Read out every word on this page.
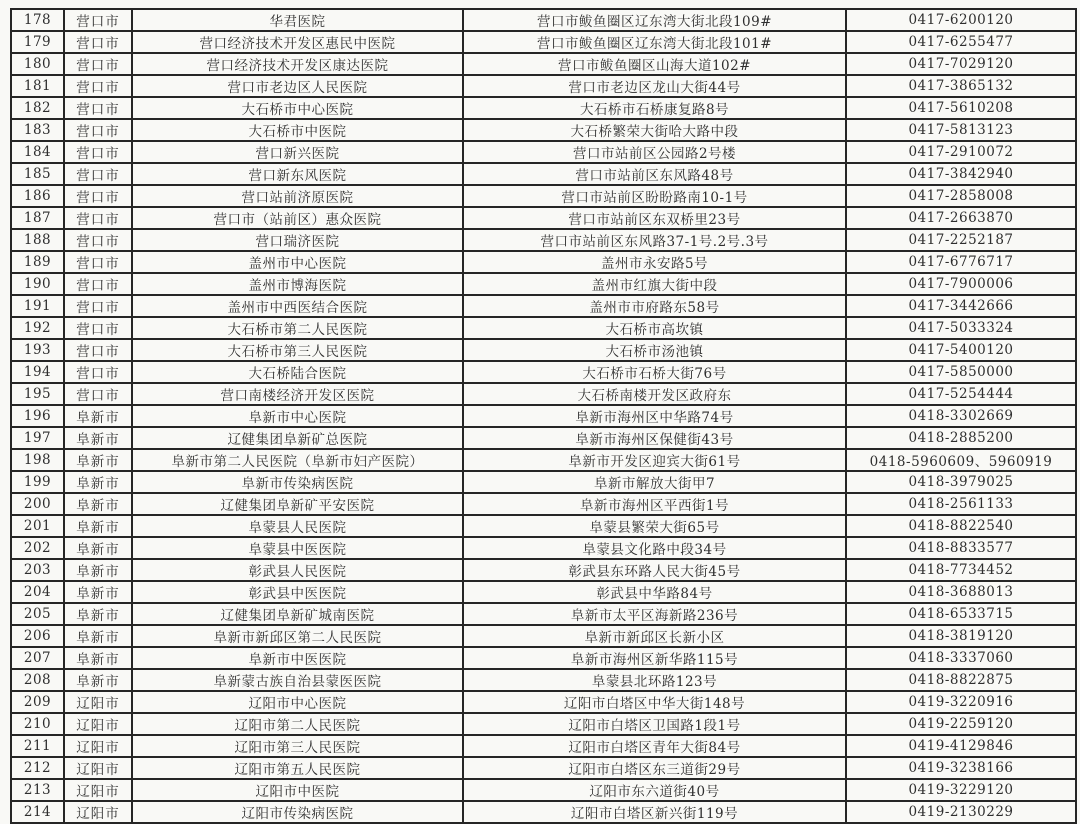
178	营口市	华君医院	营口市鲅鱼圈区辽东湾大街北段109#	0417-6200120
179	营口市	营口经济技术开发区惠民中医院	营口市鲅鱼圈区辽东湾大街北段101#	0417-6255477
180	营口市	营口经济技术开发区康达医院	营口市鲅鱼圈区山海大道102#	0417-7029120
181	营口市	营口市老边区人民医院	营口市老边区龙山大街44号	0417-3865132
182	营口市	大石桥市中心医院	大石桥市石桥康复路8号	0417-5610208
183	营口市	大石桥市中医院	大石桥繁荣大街哈大路中段	0417-5813123
184	营口市	营口新兴医院	营口市站前区公园路2号楼	0417-2910072
185	营口市	营口新东风医院	营口市站前区东风路48号	0417-3842940
186	营口市	营口站前济原医院	营口市站前区盼盼路南10-1号	0417-2858008
187	营口市	营口市（站前区）惠众医院	营口市站前区东双桥里23号	0417-2663870
188	营口市	营口瑞济医院	营口市站前区东风路37-1号.2号.3号	0417-2252187
189	营口市	盖州市中心医院	盖州市永安路5号	0417-6776717
190	营口市	盖州市博海医院	盖州市红旗大街中段	0417-7900006
191	营口市	盖州市中西医结合医院	盖州市市府路东58号	0417-3442666
192	营口市	大石桥市第二人民医院	大石桥市高坎镇	0417-5033324
193	营口市	大石桥市第三人民医院	大石桥市汤池镇	0417-5400120
194	营口市	大石桥陆合医院	大石桥市石桥大街76号	0417-5850000
195	营口市	营口南楼经济开发区医院	大石桥南楼开发区政府东	0417-5254444
196	阜新市	阜新市中心医院	阜新市海州区中华路74号	0418-3302669
197	阜新市	辽健集团阜新矿总医院	阜新市海州区保健街43号	0418-2885200
198	阜新市	阜新市第二人民医院（阜新市妇产医院）	阜新市开发区迎宾大街61号	0418-5960609、5960919
199	阜新市	阜新市传染病医院	阜新市解放大街甲7	0418-3979025
200	阜新市	辽健集团阜新矿平安医院	阜新市海州区平西街1号	0418-2561133
201	阜新市	阜蒙县人民医院	阜蒙县繁荣大街65号	0418-8822540
202	阜新市	阜蒙县中医医院	阜蒙县文化路中段34号	0418-8833577
203	阜新市	彰武县人民医院	彰武县东环路人民大街45号	0418-7734452
204	阜新市	彰武县中医医院	彰武县中华路84号	0418-3688013
205	阜新市	辽健集团阜新矿城南医院	阜新市太平区海新路236号	0418-6533715
206	阜新市	阜新市新邱区第二人民医院	阜新市新邱区长新小区	0418-3819120
207	阜新市	阜新市中医医院	阜新市海州区新华路115号	0418-3337060
208	阜新市	阜新蒙古族自治县蒙医医院	阜蒙县北环路123号	0418-8822875
209	辽阳市	辽阳市中心医院	辽阳市白塔区中华大街148号	0419-3220916
210	辽阳市	辽阳市第二人民医院	辽阳市白塔区卫国路1段1号	0419-2259120
211	辽阳市	辽阳市第三人民医院	辽阳市白塔区青年大街84号	0419-4129846
212	辽阳市	辽阳市第五人民医院	辽阳市白塔区东三道街29号	0419-3238166
213	辽阳市	辽阳市中医院	辽阳市东六道街40号	0419-3229120
214	辽阳市	辽阳市传染病医院	辽阳市白塔区新兴街119号	0419-2130229
